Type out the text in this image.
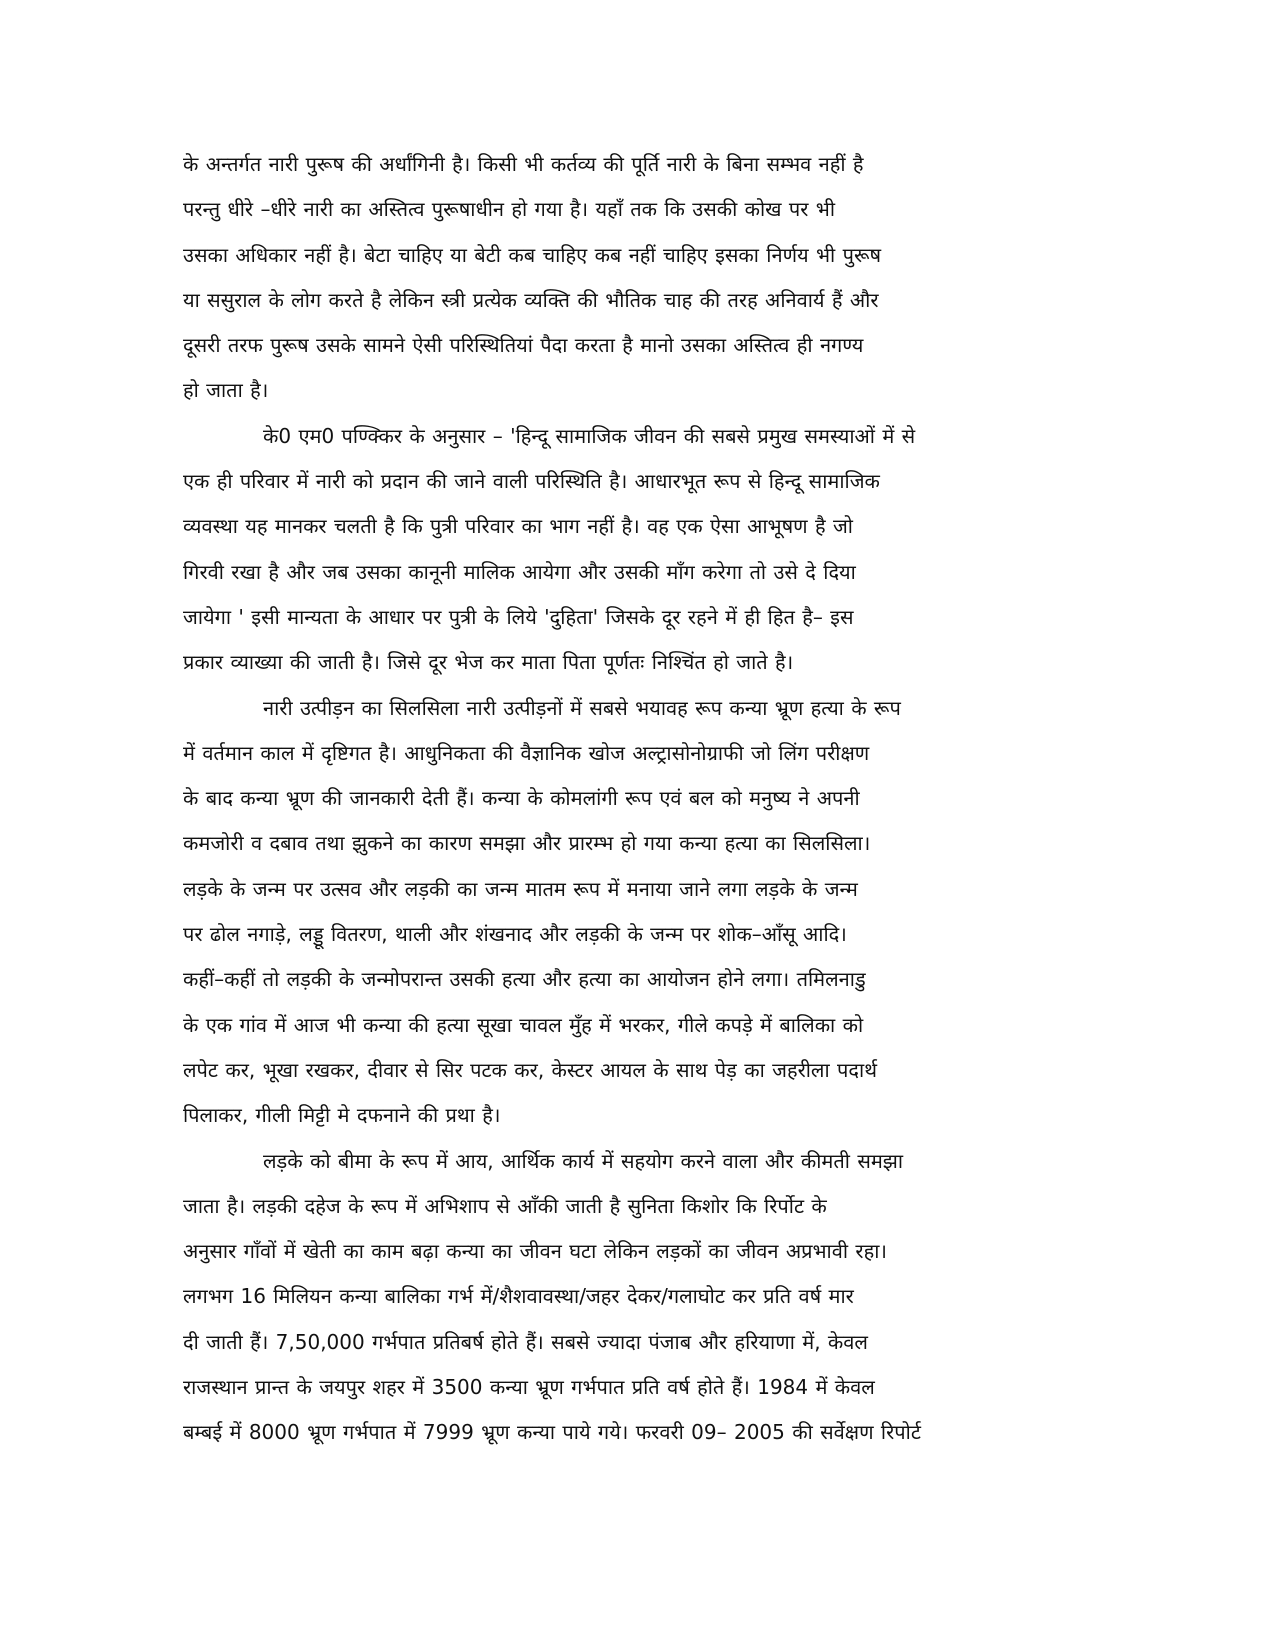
के अन्तर्गत नारी पुरूष की अर्धांगिनी है। किसी भी कर्तव्य की पूर्ति नारी के बिना सम्भव नहीं है
परन्तु धीरे –धीरे नारी का अस्तित्व पुरूषाधीन हो गया है। यहाँ तक कि उसकी कोख पर भी
उसका अधिकार नहीं है। बेटा चाहिए या बेटी कब चाहिए कब नहीं चाहिए इसका निर्णय भी पुरूष
या ससुराल के लोग करते है लेकिन स्त्री प्रत्येक व्यक्ति की भौतिक चाह की तरह अनिवार्य हैं और
दूसरी तरफ पुरूष उसके सामने ऐसी परिस्थितियां पैदा करता है मानो उसका अस्तित्व ही नगण्य
हो जाता है।

के0 एम0 पण्क्किर के अनुसार – 'हिन्दू सामाजिक जीवन की सबसे प्रमुख समस्याओं में से
एक ही परिवार में नारी को प्रदान की जाने वाली परिस्थिति है। आधारभूत रूप से हिन्दू सामाजिक
व्यवस्था यह मानकर चलती है कि पुत्री परिवार का भाग नहीं है। वह एक ऐसा आभूषण है जो
गिरवी रखा है और जब उसका कानूनी मालिक आयेगा और उसकी माँग करेगा तो उसे दे दिया
जायेगा ' इसी मान्यता के आधार पर पुत्री के लिये 'दुहिता' जिसके दूर रहने में ही हित है– इस
प्रकार व्याख्या की जाती है। जिसे दूर भेज कर माता पिता पूर्णतः निश्चिंत हो जाते है।

नारी उत्पीड़न का सिलसिला नारी उत्पीड़नों में सबसे भयावह रूप कन्या भ्रूण हत्या के रूप
में वर्तमान काल में दृष्टिगत है। आधुनिकता की वैज्ञानिक खोज अल्ट्रासोनोग्राफी जो लिंग परीक्षण
के बाद कन्या भ्रूण की जानकारी देती हैं। कन्या के कोमलांगी रूप एवं बल को मनुष्य ने अपनी
कमजोरी व दबाव तथा झुकने का कारण समझा और प्रारम्भ हो गया कन्या हत्या का सिलसिला।
लड़के के जन्म पर उत्सव और लड़की का जन्म मातम रूप में मनाया जाने लगा लड़के के जन्म
पर ढोल नगाड़े, लड्डू वितरण, थाली और शंखनाद और लड़की के जन्म पर शोक–आँसू आदि।
कहीं–कहीं तो लड़की के जन्मोपरान्त उसकी हत्या और हत्या का आयोजन होने लगा। तमिलनाडु
के एक गांव में आज भी कन्या की हत्या सूखा चावल मुँह में भरकर, गीले कपड़े में बालिका को
लपेट कर, भूखा रखकर, दीवार से सिर पटक कर, केस्टर आयल के साथ पेड़ का जहरीला पदार्थ
पिलाकर, गीली मिट्टी मे दफनाने की प्रथा है।

लड़के को बीमा के रूप में आय, आर्थिक कार्य में सहयोग करने वाला और कीमती समझा
जाता है। लड़की दहेज के रूप में अभिशाप से आँकी जाती है सुनिता किशोर कि रिर्पोट के
अनुसार गाँवों में खेती का काम बढ़ा कन्या का जीवन घटा लेकिन लड़कों का जीवन अप्रभावी रहा।
लगभग 16 मिलियन कन्या बालिका गर्भ में/शैशवावस्था/जहर देकर/गलाघोट कर प्रति वर्ष मार
दी जाती हैं। 7,50,000 गर्भपात प्रतिबर्ष होते हैं। सबसे ज्यादा पंजाब और हरियाणा में, केवल
राजस्थान प्रान्त के जयपुर शहर में 3500 कन्या भ्रूण गर्भपात प्रति वर्ष होते हैं। 1984 में केवल
बम्बई में 8000 भ्रूण गर्भपात में 7999 भ्रूण कन्या पाये गये। फरवरी 09– 2005 की सर्वेक्षण रिपोर्ट
